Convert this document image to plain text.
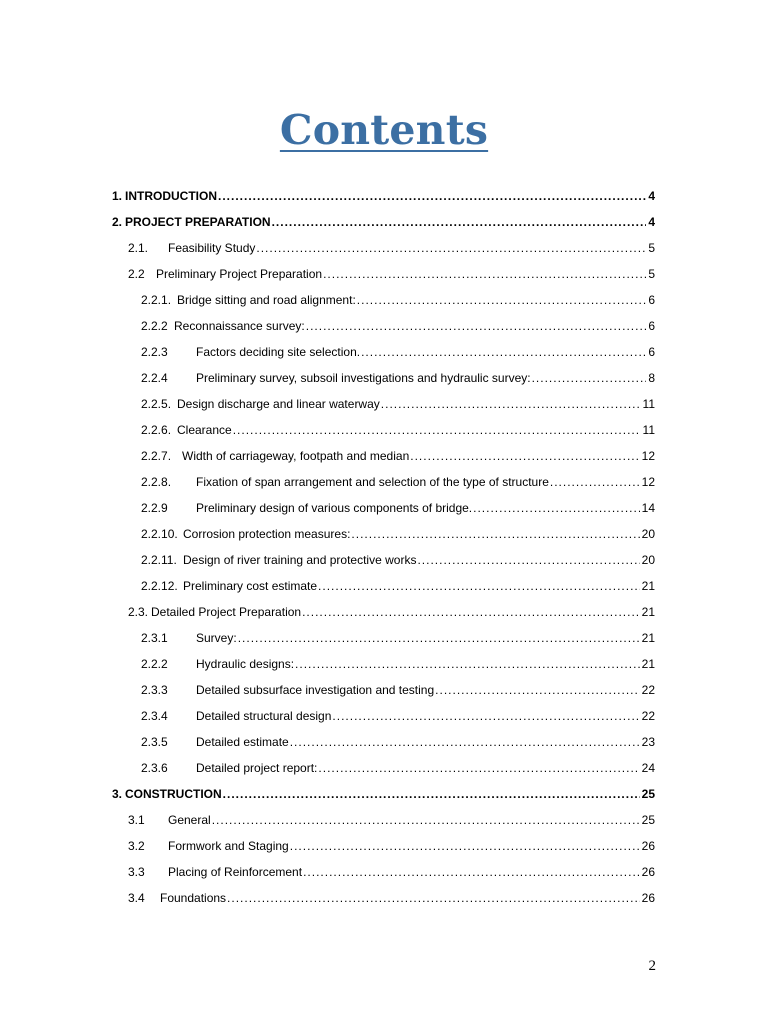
Contents
1. INTRODUCTION .....	4
2. PROJECT PREPARATION .....	4
2.1.	Feasibility Study .....	5
2.2 Preliminary Project Preparation .....	5
2.2.1. Bridge sitting and road alignment: .....	6
2.2.2 Reconnaissance survey: .....	6
2.2.3	Factors deciding site selection. .....	6
2.2.4	Preliminary survey, subsoil investigations and hydraulic survey: .....	8
2.2.5. Design discharge and linear waterway .....	11
2.2.6. Clearance .....	11
2.2.7. Width of carriageway, footpath and median .....	12
2.2.8.	Fixation of span arrangement and selection of the type of structure .....	12
2.2.9	Preliminary design of various components of bridge. .....	14
2.2.10. Corrosion protection measures: .....	20
2.2.11. Design of river training and protective works .....	20
2.2.12. Preliminary cost estimate .....	21
2.3. Detailed Project Preparation .....	21
2.3.1	Survey: .....	21
2.2.2	Hydraulic designs: .....	21
2.3.3	Detailed subsurface investigation and testing .....	22
2.3.4	Detailed structural design .....	22
2.3.5	Detailed estimate .....	23
2.3.6	Detailed project report: .....	24
3. CONSTRUCTION .....	25
3.1	General .....	25
3.2	Formwork and Staging .....	26
3.3	Placing of Reinforcement .....	26
3.4	Foundations .....	26
2
